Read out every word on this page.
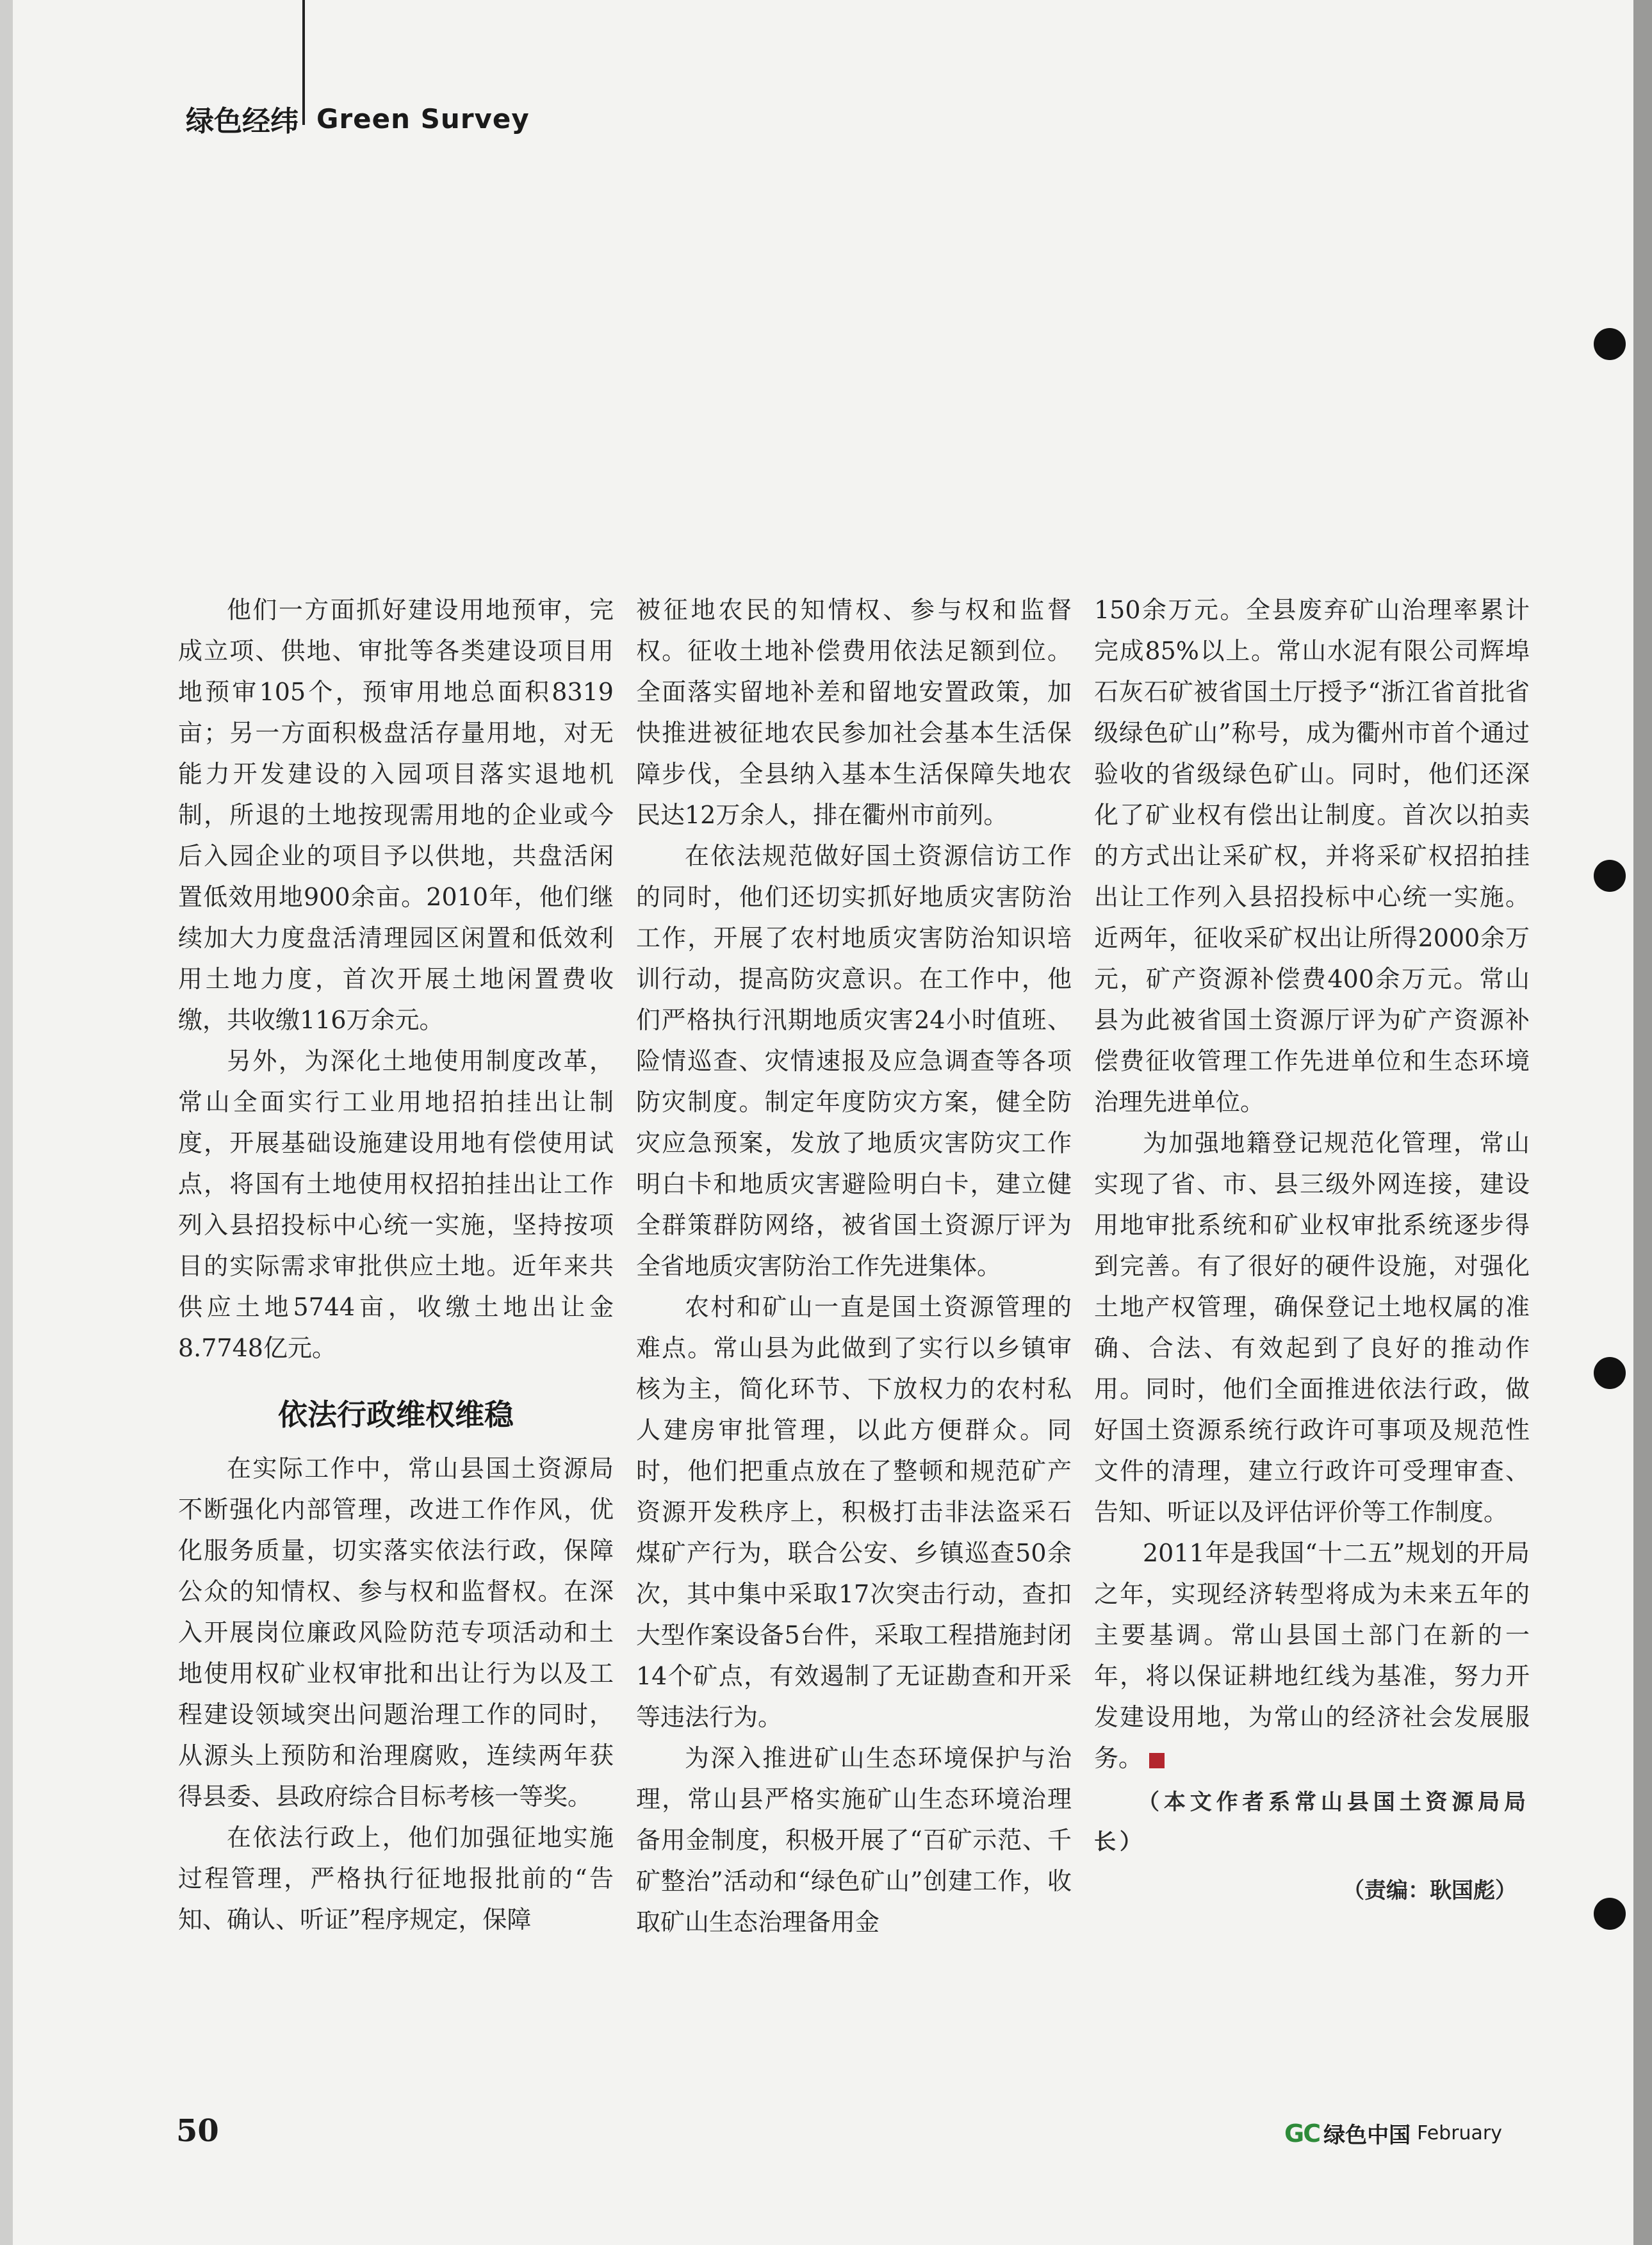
绿色经纬 Green Survey

他们一方面抓好建设用地预审，完成立项、供地、审批等各类建设项目用地预审105个，预审用地总面积8319亩；另一方面积极盘活存量用地，对无能力开发建设的入园项目落实退地机制，所退的土地按现需用地的企业或今后入园企业的项目予以供地，共盘活闲置低效用地900余亩。2010年，他们继续加大力度盘活清理园区闲置和低效利用土地力度，首次开展土地闲置费收缴，共收缴116万余元。

另外，为深化土地使用制度改革，常山全面实行工业用地招拍挂出让制度，开展基础设施建设用地有偿使用试点，将国有土地使用权招拍挂出让工作列入县招投标中心统一实施，坚持按项目的实际需求审批供应土地。近年来共供应土地5744亩，收缴土地出让金8.7748亿元。

依法行政维权维稳

在实际工作中，常山县国土资源局不断强化内部管理，改进工作作风，优化服务质量，切实落实依法行政，保障公众的知情权、参与权和监督权。在深入开展岗位廉政风险防范专项活动和土地使用权矿业权审批和出让行为以及工程建设领域突出问题治理工作的同时，从源头上预防和治理腐败，连续两年获得县委、县政府综合目标考核一等奖。

在依法行政上，他们加强征地实施过程管理，严格执行征地报批前的“告知、确认、听证”程序规定，保障

被征地农民的知情权、参与权和监督权。征收土地补偿费用依法足额到位。全面落实留地补差和留地安置政策，加快推进被征地农民参加社会基本生活保障步伐，全县纳入基本生活保障失地农民达12万余人，排在衢州市前列。

在依法规范做好国土资源信访工作的同时，他们还切实抓好地质灾害防治工作，开展了农村地质灾害防治知识培训行动，提高防灾意识。在工作中，他们严格执行汛期地质灾害24小时值班、险情巡查、灾情速报及应急调查等各项防灾制度。制定年度防灾方案，健全防灾应急预案，发放了地质灾害防灾工作明白卡和地质灾害避险明白卡，建立健全群策群防网络，被省国土资源厅评为全省地质灾害防治工作先进集体。

农村和矿山一直是国土资源管理的难点。常山县为此做到了实行以乡镇审核为主，简化环节、下放权力的农村私人建房审批管理，以此方便群众。同时，他们把重点放在了整顿和规范矿产资源开发秩序上，积极打击非法盗采石煤矿产行为，联合公安、乡镇巡查50余次，其中集中采取17次突击行动，查扣大型作案设备5台件，采取工程措施封闭14个矿点，有效遏制了无证勘查和开采等违法行为。

为深入推进矿山生态环境保护与治理，常山县严格实施矿山生态环境治理备用金制度，积极开展了“百矿示范、千矿整治”活动和“绿色矿山”创建工作，收取矿山生态治理备用金

150余万元。全县废弃矿山治理率累计完成85%以上。常山水泥有限公司辉埠石灰石矿被省国土厅授予“浙江省首批省级绿色矿山”称号，成为衢州市首个通过验收的省级绿色矿山。同时，他们还深化了矿业权有偿出让制度。首次以拍卖的方式出让采矿权，并将采矿权招拍挂出让工作列入县招投标中心统一实施。近两年，征收采矿权出让所得2000余万元，矿产资源补偿费400余万元。常山县为此被省国土资源厅评为矿产资源补偿费征收管理工作先进单位和生态环境治理先进单位。

为加强地籍登记规范化管理，常山实现了省、市、县三级外网连接，建设用地审批系统和矿业权审批系统逐步得到完善。有了很好的硬件设施，对强化土地产权管理，确保登记土地权属的准确、合法、有效起到了良好的推动作用。同时，他们全面推进依法行政，做好国土资源系统行政许可事项及规范性文件的清理，建立行政许可受理审查、告知、听证以及评估评价等工作制度。

2011年是我国“十二五”规划的开局之年，实现经济转型将成为未来五年的主要基调。常山县国土部门在新的一年，将以保证耕地红线为基准，努力开发建设用地，为常山的经济社会发展服务。

（本文作者系常山县国土资源局局长）
（责编：耿国彪）
50	GC 绿色中国 February
